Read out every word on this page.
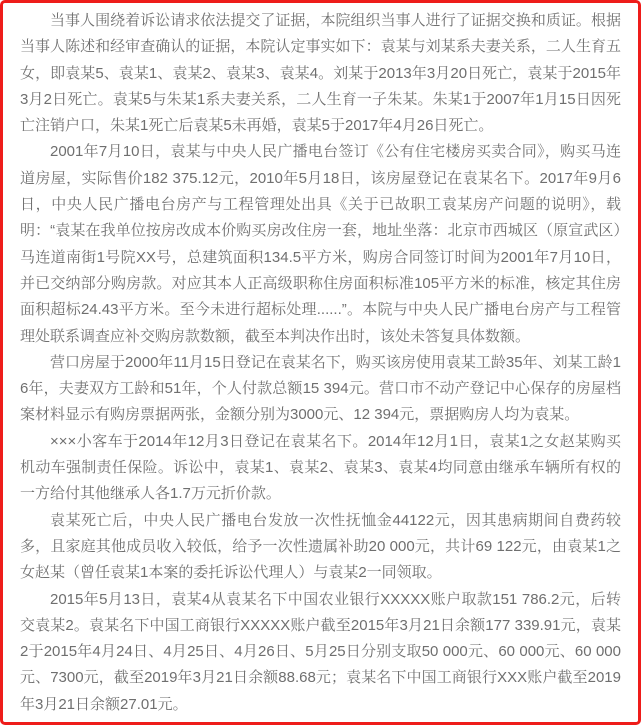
当事人围绕着诉讼请求依法提交了证据，本院组织当事人进行了证据交换和质证。根据当事人陈述和经审查确认的证据，本院认定事实如下：袁某与刘某系夫妻关系，二人生育五女，即袁某5、袁某1、袁某2、袁某3、袁某4。刘某于2013年3月20日死亡，袁某于2015年3月2日死亡。袁某5与朱某1系夫妻关系，二人生育一子朱某。朱某1于2007年1月15日因死亡注销户口，朱某1死亡后袁某5未再婚，袁某5于2017年4月26日死亡。

2001年7月10日，袁某与中央人民广播电台签订《公有住宅楼房买卖合同》，购买马连道房屋，实际售价182 375.12元，2010年5月18日，该房屋登记在袁某名下。2017年9月6日，中央人民广播电台房产与工程管理处出具《关于已故职工袁某房产问题的说明》，载明：“袁某在我单位按房改成本价购买房改住房一套，地址坐落：北京市西城区（原宣武区）马连道南街1号院XX号，总建筑面积134.5平方米，购房合同签订时间为2001年7月10日，并已交纳部分购房款。对应其本人正高级职称住房面积标准105平方米的标准，核定其住房面积超标24.43平方米。至今未进行超标处理......”。本院与中央人民广播电台房产与工程管理处联系调查应补交购房款数额，截至本判决作出时，该处未答复具体数额。

营口房屋于2000年11月15日登记在袁某名下，购买该房使用袁某工龄35年、刘某工龄16年，夫妻双方工龄和51年，个人付款总额15 394元。营口市不动产登记中心保存的房屋档案材料显示有购房票据两张，金额分别为3000元、12 394元，票据购房人均为袁某。

×××小客车于2014年12月3日登记在袁某名下。2014年12月1日，袁某1之女赵某购买机动车强制责任保险。诉讼中，袁某1、袁某2、袁某3、袁某4均同意由继承车辆所有权的一方给付其他继承人各1.7万元折价款。

袁某死亡后，中央人民广播电台发放一次性抚恤金44122元，因其患病期间自费药较多，且家庭其他成员收入较低，给予一次性遗属补助20 000元，共计69 122元，由袁某1之女赵某（曾任袁某1本案的委托诉讼代理人）与袁某2一同领取。

2015年5月13日，袁某4从袁某名下中国农业银行XXXXX账户取款151 786.2元，后转交袁某2。袁某名下中国工商银行XXXXX账户截至2015年3月21日余额177 339.91元，袁某2于2015年4月24日、4月25日、4月26日、5月25日分别支取50 000元、60 000元、60 000元、7300元，截至2019年3月21日余额88.68元；袁某名下中国工商银行XXX账户截至2019年3月21日余额27.01元。
